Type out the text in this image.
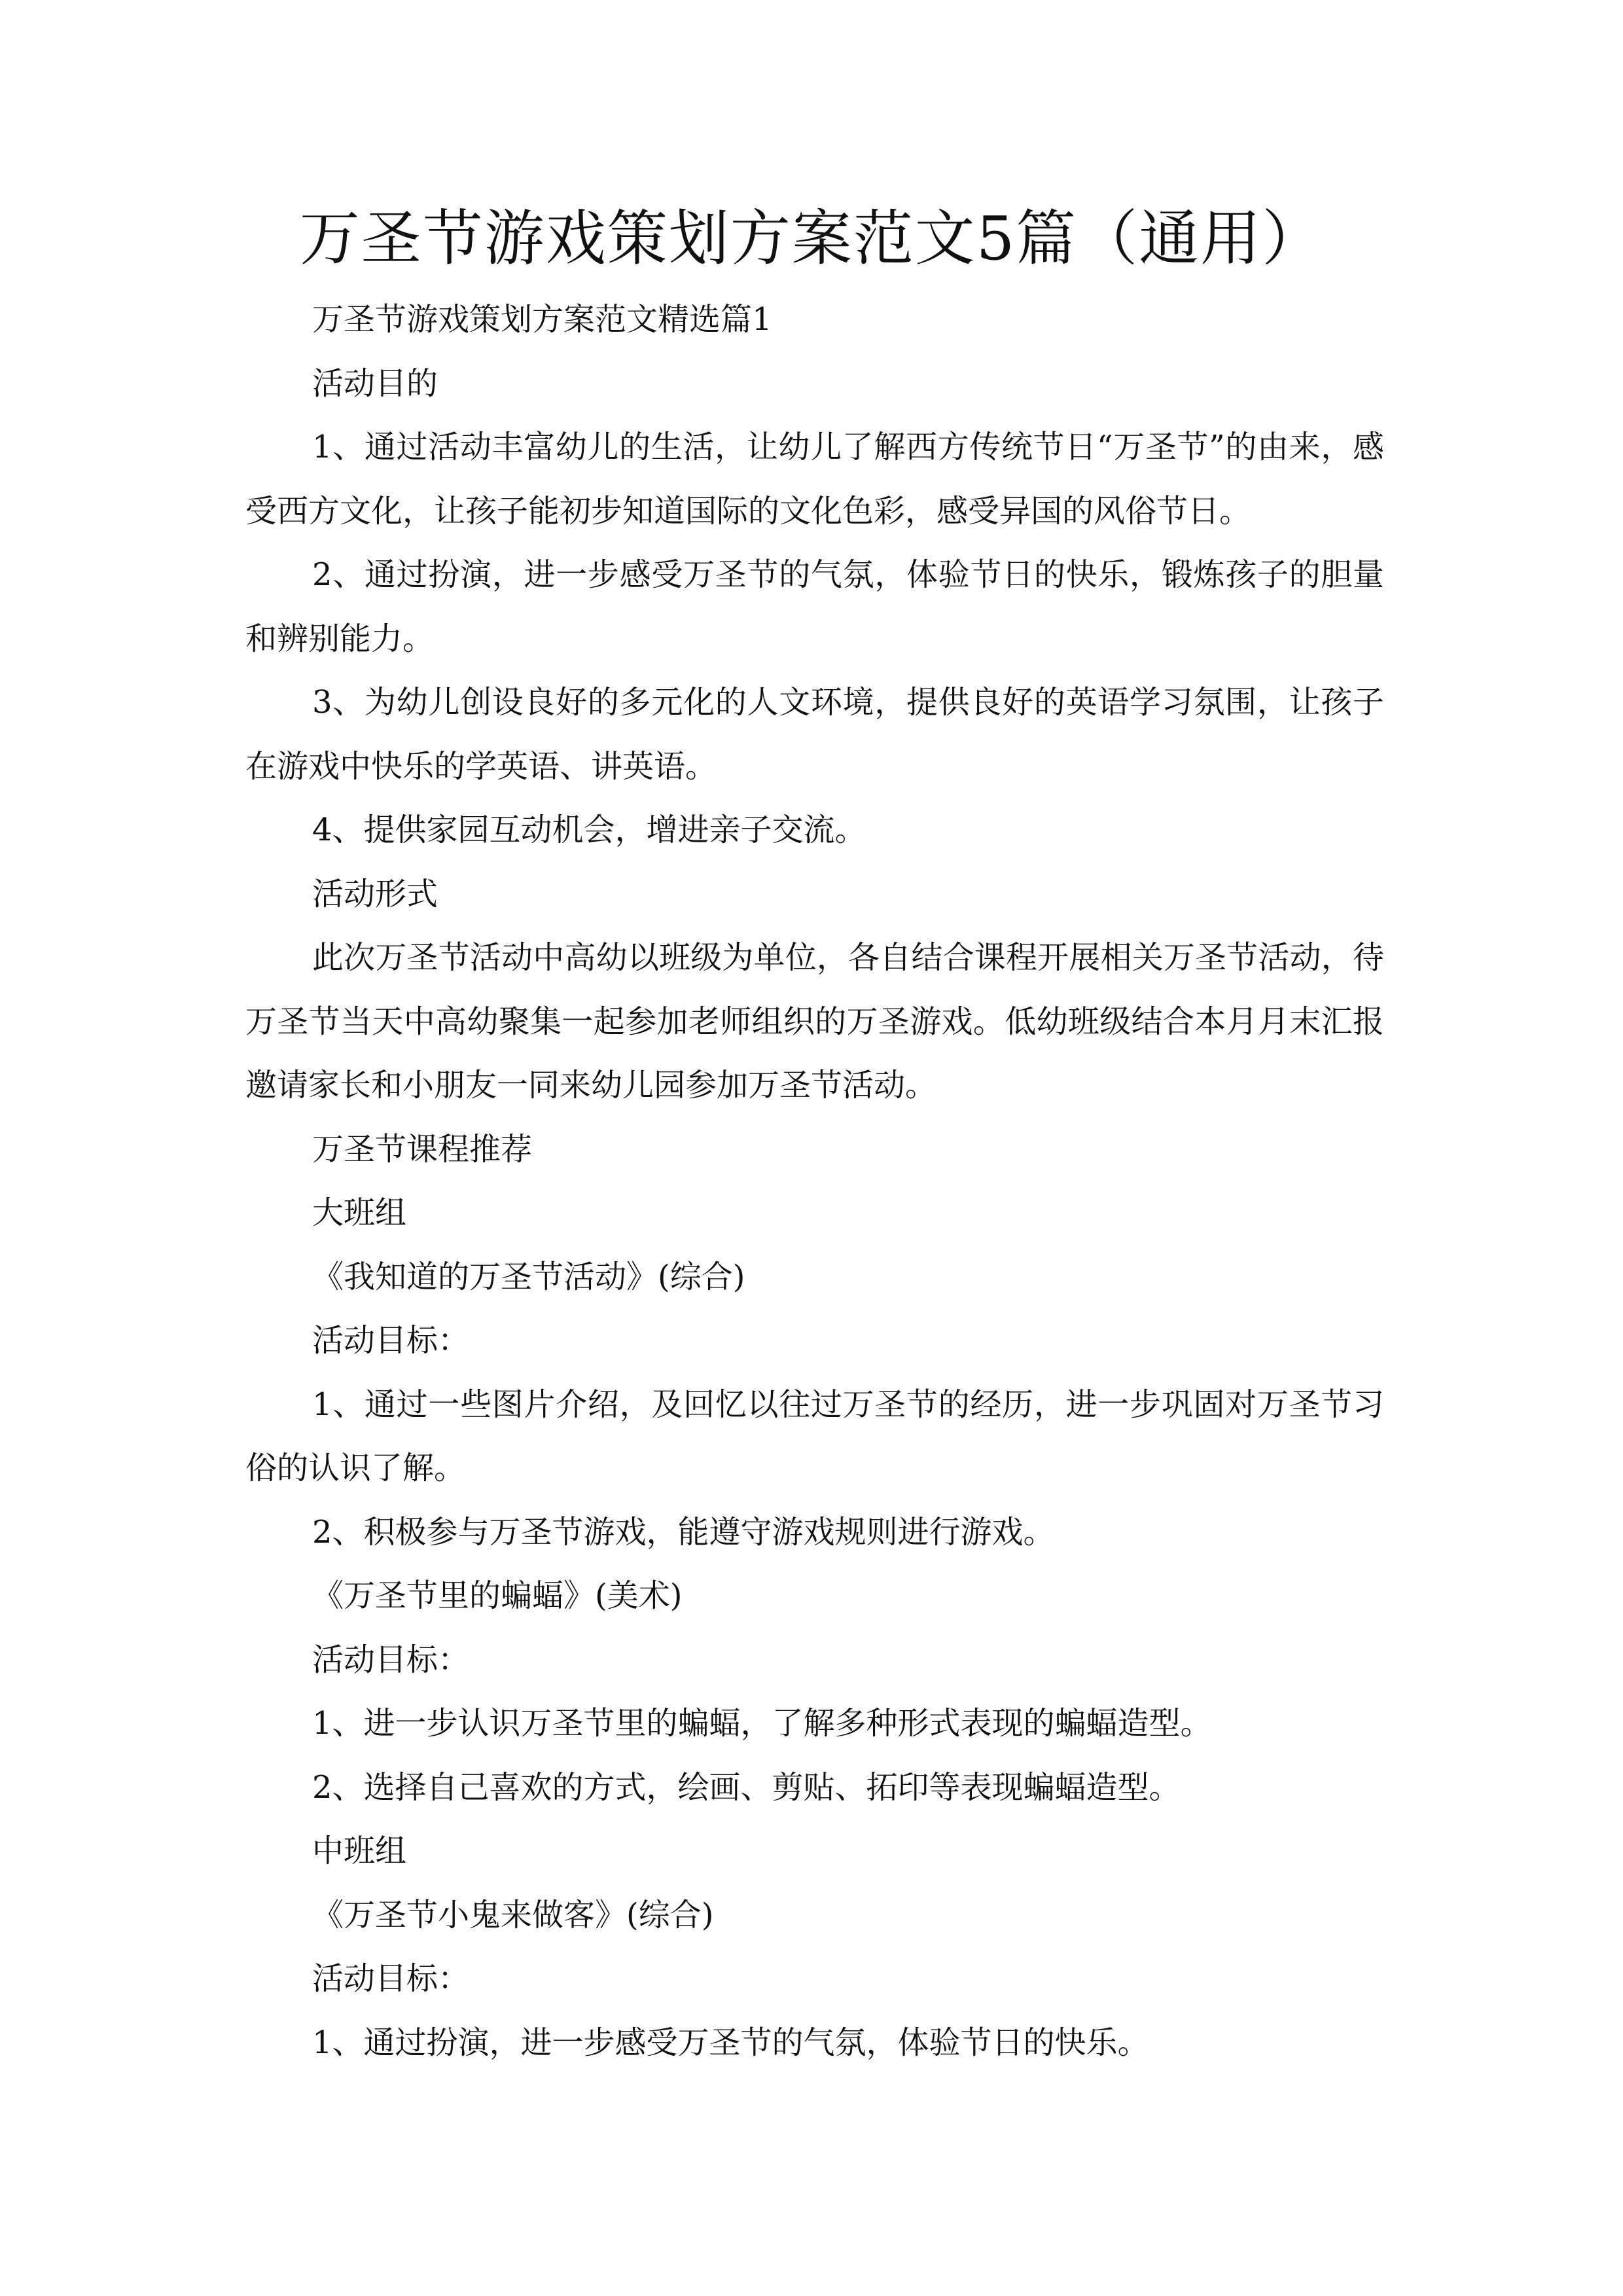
万圣节游戏策划方案范文5篇（通用）

万圣节游戏策划方案范文精选篇1

活动目的

1、通过活动丰富幼儿的生活，让幼儿了解西方传统节日“万圣节”的由来，感受西方文化，让孩子能初步知道国际的文化色彩，感受异国的风俗节日。

2、通过扮演，进一步感受万圣节的气氛，体验节日的快乐，锻炼孩子的胆量和辨别能力。

3、为幼儿创设良好的多元化的人文环境，提供良好的英语学习氛围，让孩子在游戏中快乐的学英语、讲英语。

4、提供家园互动机会，增进亲子交流。

活动形式

此次万圣节活动中高幼以班级为单位，各自结合课程开展相关万圣节活动，待万圣节当天中高幼聚集一起参加老师组织的万圣游戏。低幼班级结合本月月末汇报邀请家长和小朋友一同来幼儿园参加万圣节活动。

万圣节课程推荐

大班组

《我知道的万圣节活动》(综合)

活动目标：

1、通过一些图片介绍，及回忆以往过万圣节的经历，进一步巩固对万圣节习俗的认识了解。

2、积极参与万圣节游戏，能遵守游戏规则进行游戏。

《万圣节里的蝙蝠》(美术)

活动目标：

1、进一步认识万圣节里的蝙蝠，了解多种形式表现的蝙蝠造型。

2、选择自己喜欢的方式，绘画、剪贴、拓印等表现蝙蝠造型。

中班组

《万圣节小鬼来做客》(综合)

活动目标：

1、通过扮演，进一步感受万圣节的气氛，体验节日的快乐。
